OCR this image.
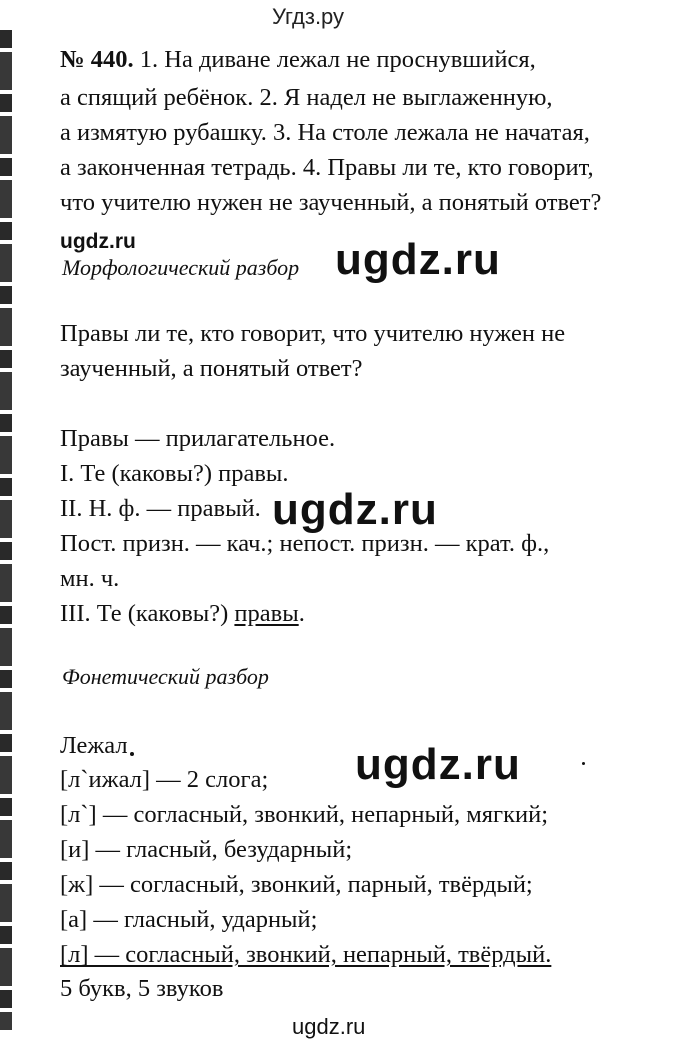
Угдз.ру
№ 440. 1. На диване лежал не проснувшийся,
а спящий ребёнок. 2. Я надел не выглаженную,
а измятую рубашку. 3. На столе лежала не начатая,
а законченная тетрадь. 4. Правы ли те, кто говорит,
что учителю нужен не заученный, а понятый ответ?
ugdz.ru	ugdz.ru
Морфологический разбор
Правы ли те, кто говорит, что учителю нужен не
заученный, а понятый ответ?
Правы — прилагательное.
I. Те (каковы?) правы.
II. Н. ф. — правый. ugdz.ru
Пост. призн. — кач.; непост. призн. — крат. ф.,
мн. ч.
III. Те (каковы?) правы.
Фонетический разбор
Лежал	ugdz.ru
[л`ижал] — 2 слога;
[л`] — согласный, звонкий, непарный, мягкий;
[и] — гласный, безударный;
[ж] — согласный, звонкий, парный, твёрдый;
[а] — гласный, ударный;
[л] — согласный, звонкий, непарный, твёрдый.
5 букв, 5 звуков
ugdz.ru
